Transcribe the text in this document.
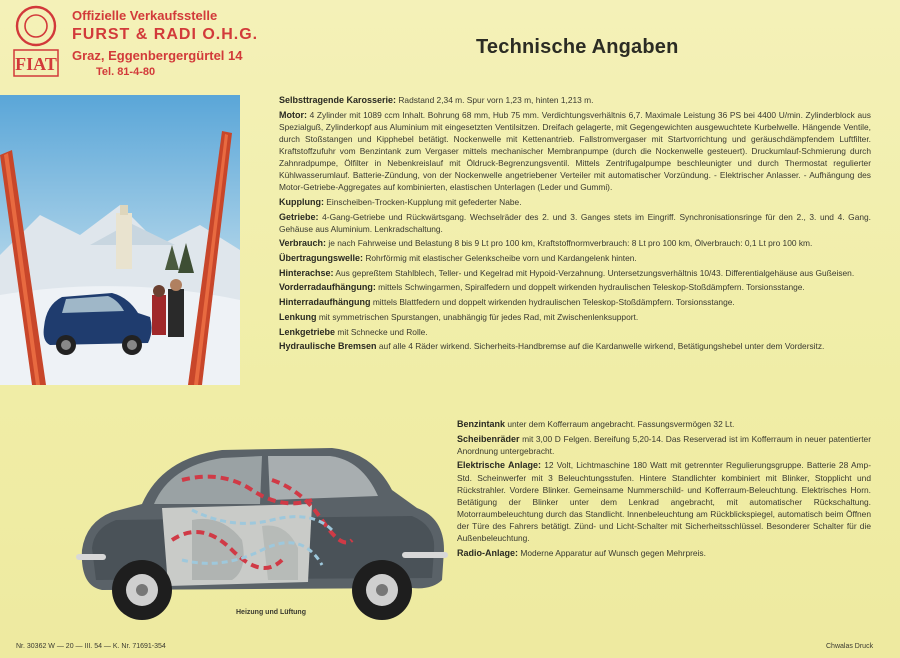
FIAT
Offizielle Verkaufsstelle
FURST & RADI O.H.G.
Graz, Eggenbergergürtel 14
Tel. 81-4-80
Technische Angaben

Selbsttragende Karosserie: Radstand 2,34 m. Spur vorn 1,23 m, hinten 1,213 m.

Motor: 4 Zylinder mit 1089 ccm Inhalt. Bohrung 68 mm, Hub 75 mm. Verdichtungsverhältnis 6,7. Maximale Leistung 36 PS bei 4400 U/min. Zylinderblock aus Spezialguß, Zylinderkopf aus Aluminium mit eingesetzten Ventilsitzen. Dreifach gelagerte, mit Gegengewichten ausgewuchtete Kurbelwelle. Hängende Ventile, durch Stoßstangen und Kipphebel betätigt. Nockenwelle mit Kettenantrieb. Fallstromvergaser mit Startvorrichtung und geräuschdämpfendem Luftfilter. Kraftstoffzufuhr vom Benzintank zum Vergaser mittels mechanischer Membranpumpe (durch die Nockenwelle gesteuert). Druckumlauf-Schmierung durch Zahnradpumpe, Ölfilter in Nebenkreislauf mit Öldruck-Begrenzungsventil. Mittels Zentrifugalpumpe beschleunigter und durch Thermostat regulierter Kühlwasserumlauf. Batterie-Zündung, von der Nockenwelle angetriebener Verteiler mit automatischer Vorzündung. - Elektrischer Anlasser. - Aufhängung des Motor-Getriebe-Aggregates auf kombinierten, elastischen Unterlagen (Leder und Gummi).

Kupplung: Einscheiben-Trocken-Kupplung mit gefederter Nabe.

Getriebe: 4-Gang-Getriebe und Rückwärtsgang. Wechselräder des 2. und 3. Ganges stets im Eingriff. Synchronisationsringe für den 2., 3. und 4. Gang. Gehäuse aus Aluminium. Lenkradschaltung.

Verbrauch: je nach Fahrweise und Belastung 8 bis 9 Lt pro 100 km, Kraftstoffnormverbrauch: 8 Lt pro 100 km, Ölverbrauch: 0,1 Lt pro 100 km.

Übertragungswelle: Rohrförmig mit elastischer Gelenkscheibe vorn und Kardangelenk hinten.

Hinterachse: Aus gepreßtem Stahlblech, Teller- und Kegelrad mit Hypoid-Verzahnung. Untersetzungsverhältnis 10/43. Differentialgehäuse aus Gußeisen.

Vorderradaufhängung: mittels Schwingarmen, Spiralfedern und doppelt wirkenden hydraulischen Teleskop-Stoßdämpfern. Torsionsstange.

Hinterradaufhängung mittels Blattfedern und doppelt wirkenden hydraulischen Teleskop-Stoßdämpfern. Torsionsstange.

Lenkung mit symmetrischen Spurstangen, unabhängig für jedes Rad, mit Zwischenlenksupport.

Lenkgetriebe mit Schnecke und Rolle.

Hydraulische Bremsen auf alle 4 Räder wirkend. Sicherheits-Handbremse auf die Kardanwelle wirkend, Betätigungshebel unter dem Vordersitz.

Benzintank unter dem Kofferraum angebracht. Fassungsvermögen 32 Lt.

Scheibenräder mit 3,00 D Felgen. Bereifung 5,20-14. Das Reserverad ist im Kofferraum in neuer patentierter Anordnung untergebracht.

Elektrische Anlage: 12 Volt, Lichtmaschine 180 Watt mit getrennter Regulierungsgruppe. Batterie 28 Amp-Std. Scheinwerfer mit 3 Beleuchtungsstufen. Hintere Standlichter kombiniert mit Blinker, Stopplicht und Rückstrahler. Vordere Blinker. Gemeinsame Nummerschild- und Kofferraum-Beleuchtung. Elektrisches Horn. Betätigung der Blinker unter dem Lenkrad angebracht, mit automatischer Rückschaltung. Motorraumbeleuchtung durch das Standlicht. Innenbeleuchtung am Rückblickspiegel, automatisch beim Öffnen der Türe des Fahrers betätigt. Zünd- und Licht-Schalter mit Sicherheitsschlüssel. Besonderer Schalter für die Außenbeleuchtung.

Radio-Anlage: Moderne Apparatur auf Wunsch gegen Mehrpreis.

Heizung und Lüftung
Nr. 30362 W — 20 — III. 54 — K. Nr. 71691-354	Chwalas Druck
